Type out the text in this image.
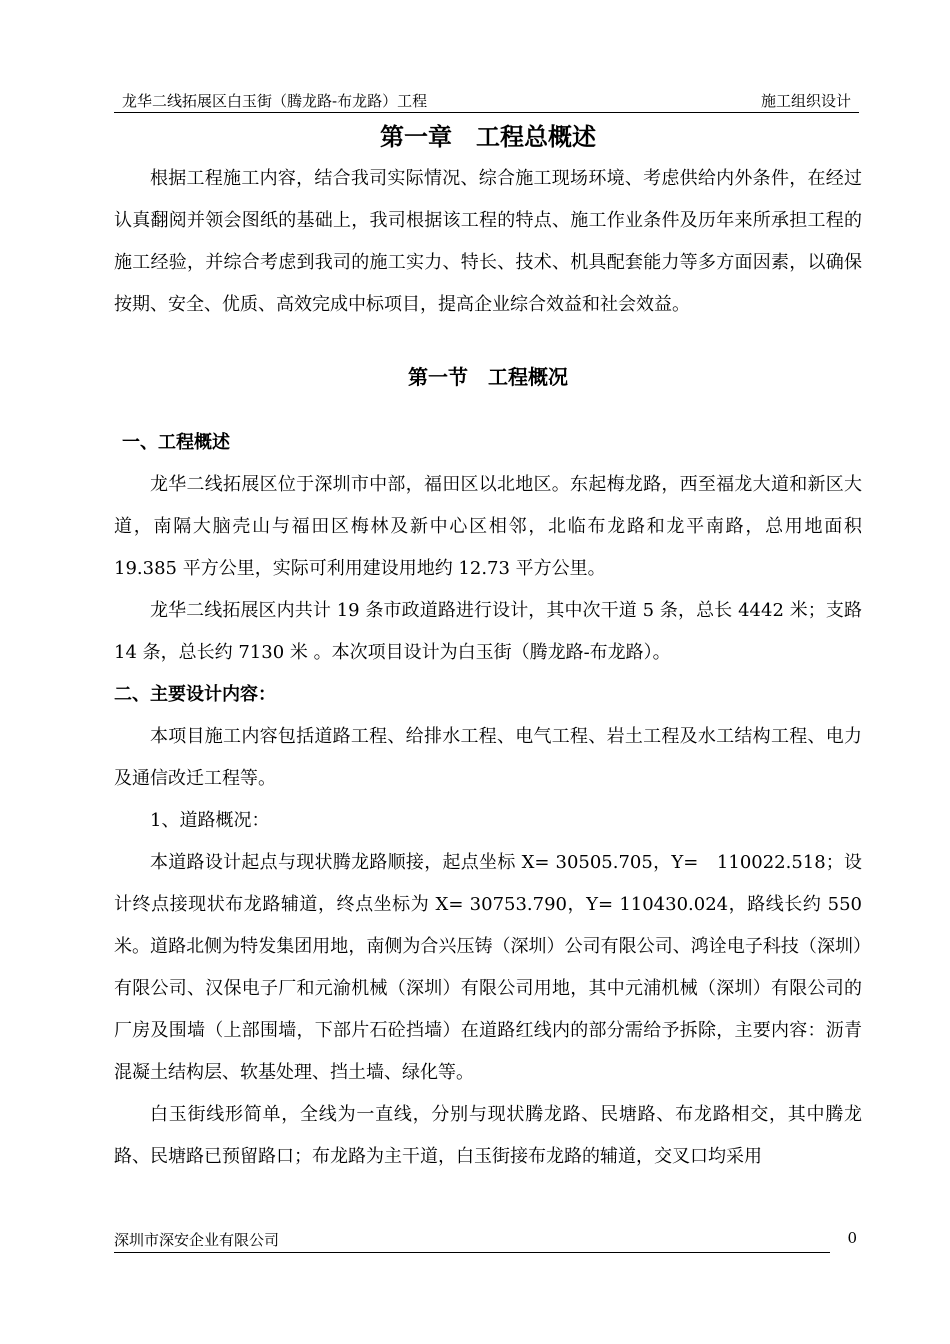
龙华二线拓展区白玉街（腾龙路-布龙路）工程	施工组织设计
第一章　工程总概述

根据工程施工内容，结合我司实际情况、综合施工现场环境、考虑供给内外条件，在经过认真翻阅并领会图纸的基础上，我司根据该工程的特点、施工作业条件及历年来所承担工程的施工经验，并综合考虑到我司的施工实力、特长、技术、机具配套能力等多方面因素，以确保按期、安全、优质、高效完成中标项目，提高企业综合效益和社会效益。

第一节　工程概况
一、工程概述

龙华二线拓展区位于深圳市中部，福田区以北地区。东起梅龙路，西至福龙大道和新区大道，南隔大脑壳山与福田区梅林及新中心区相邻，北临布龙路和龙平南路，总用地面积 19.385 平方公里，实际可利用建设用地约 12.73 平方公里。

龙华二线拓展区内共计 19 条市政道路进行设计，其中次干道 5 条，总长 4442 米；支路 14 条，总长约 7130 米 。本次项目设计为白玉街（腾龙路-布龙路）。

二、主要设计内容：

本项目施工内容包括道路工程、给排水工程、电气工程、岩土工程及水工结构工程、电力及通信改迁工程等。

1、道路概况：

本道路设计起点与现状腾龙路顺接，起点坐标 X= 30505.705，Y=　110022.518；设计终点接现状布龙路辅道，终点坐标为 X= 30753.790，Y= 110430.024，路线长约 550 米。道路北侧为特发集团用地，南侧为合兴压铸（深圳）公司有限公司、鸿诠电子科技（深圳）有限公司、汉保电子厂和元渝机械（深圳）有限公司用地，其中元浦机械（深圳）有限公司的厂房及围墙（上部围墙，下部片石砼挡墙）在道路红线内的部分需给予拆除，主要内容：沥青混凝土结构层、软基处理、挡土墙、绿化等。

白玉街线形简单，全线为一直线，分别与现状腾龙路、民塘路、布龙路相交，其中腾龙路、民塘路已预留路口；布龙路为主干道，白玉街接布龙路的辅道，交叉口均采用

深圳市深安企业有限公司	0
